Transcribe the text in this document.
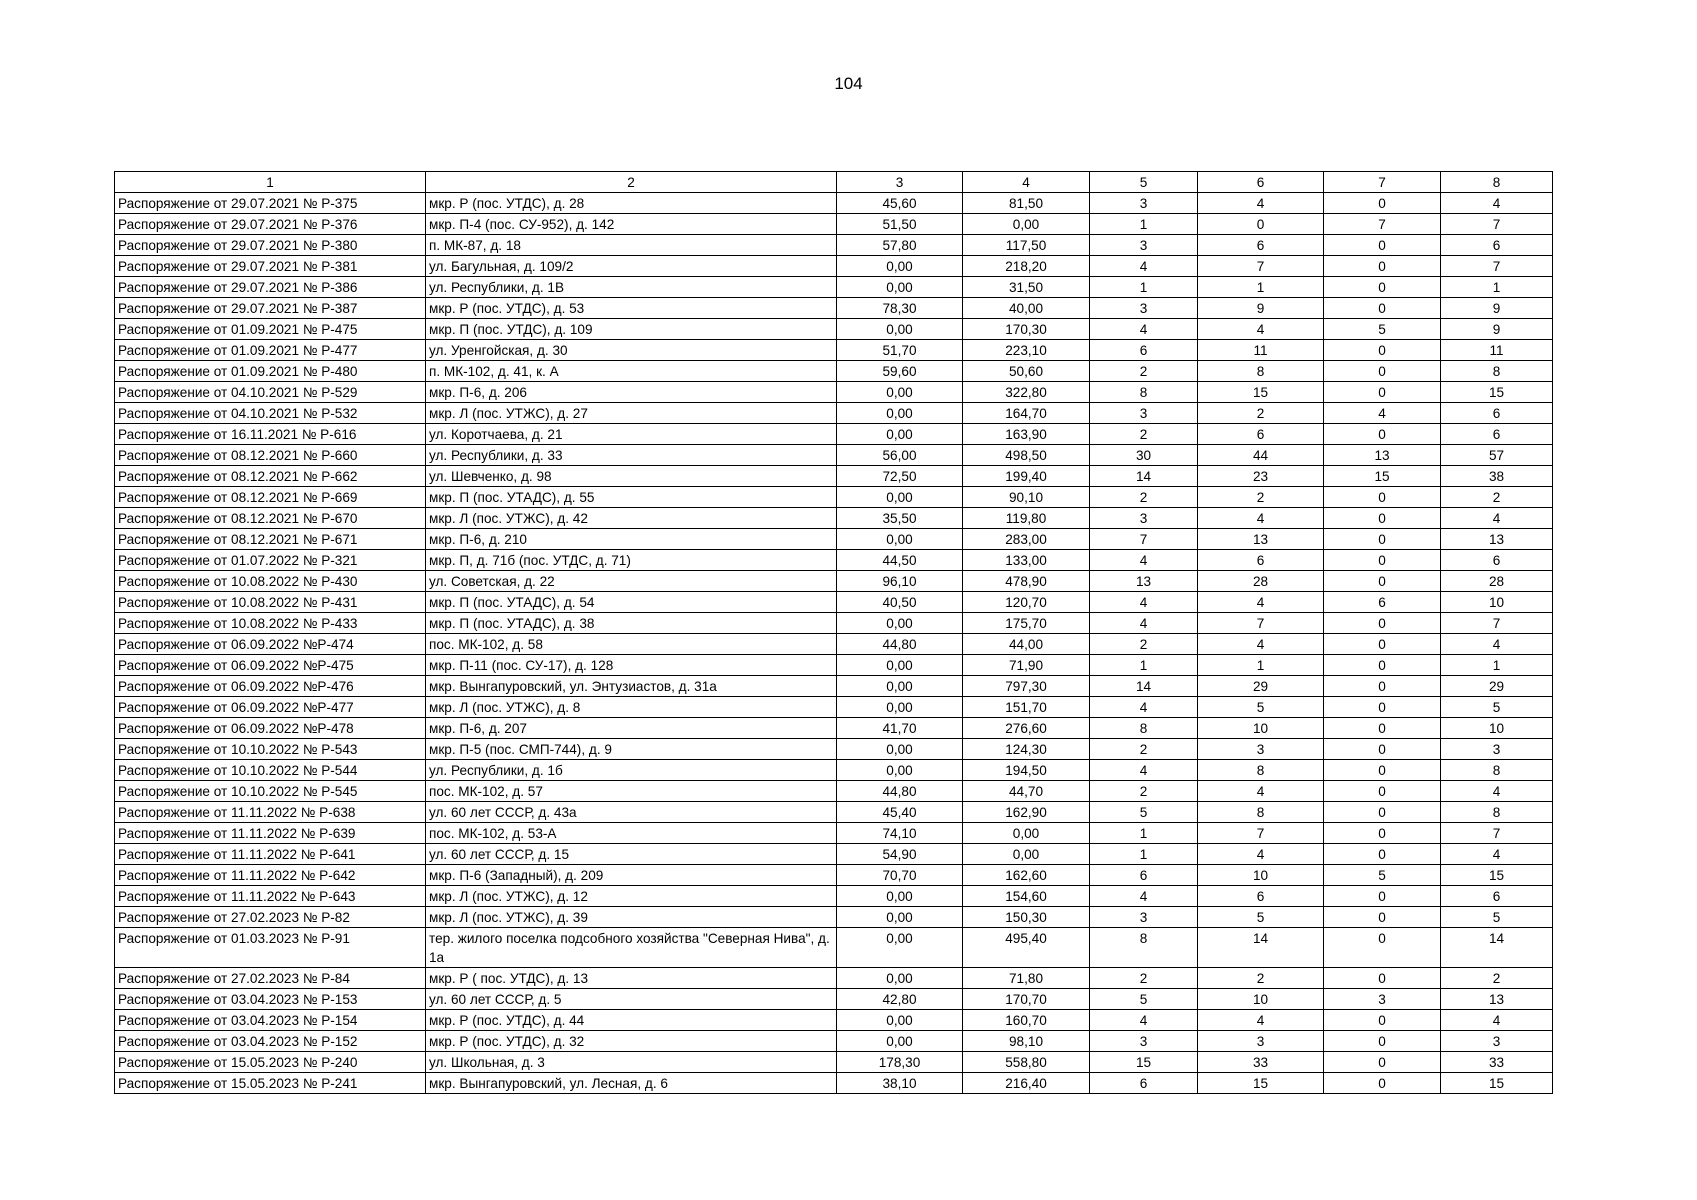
104
1	2	3	4	5	6	7	8
Распоряжение от 29.07.2021 № Р-375	мкр. Р (пос. УТДС), д. 28	45,60	81,50	3	4	0	4
Распоряжение от 29.07.2021 № Р-376	мкр. П-4 (пос. СУ-952), д. 142	51,50	0,00	1	0	7	7
Распоряжение от 29.07.2021 № Р-380	п. МК-87, д. 18	57,80	117,50	3	6	0	6
Распоряжение от 29.07.2021 № Р-381	ул. Багульная, д. 109/2	0,00	218,20	4	7	0	7
Распоряжение от 29.07.2021 № Р-386	ул. Республики, д. 1В	0,00	31,50	1	1	0	1
Распоряжение от 29.07.2021 № Р-387	мкр. Р (пос. УТДС), д. 53	78,30	40,00	3	9	0	9
Распоряжение от 01.09.2021 № Р-475	мкр. П (пос. УТДС), д. 109	0,00	170,30	4	4	5	9
Распоряжение от 01.09.2021 № Р-477	ул. Уренгойская, д. 30	51,70	223,10	6	11	0	11
Распоряжение от 01.09.2021 № Р-480	п. МК-102, д. 41, к. А	59,60	50,60	2	8	0	8
Распоряжение от 04.10.2021 № Р-529	мкр. П-6, д. 206	0,00	322,80	8	15	0	15
Распоряжение от 04.10.2021 № Р-532	мкр. Л (пос. УТЖС), д. 27	0,00	164,70	3	2	4	6
Распоряжение от 16.11.2021 № Р-616	ул. Коротчаева, д. 21	0,00	163,90	2	6	0	6
Распоряжение от 08.12.2021 № Р-660	ул. Республики, д. 33	56,00	498,50	30	44	13	57
Распоряжение от 08.12.2021 № Р-662	ул. Шевченко, д. 98	72,50	199,40	14	23	15	38
Распоряжение от 08.12.2021 № Р-669	мкр. П (пос. УТАДС), д. 55	0,00	90,10	2	2	0	2
Распоряжение от 08.12.2021 № Р-670	мкр. Л (пос. УТЖС), д. 42	35,50	119,80	3	4	0	4
Распоряжение от 08.12.2021 № Р-671	мкр. П-6, д. 210	0,00	283,00	7	13	0	13
Распоряжение от 01.07.2022 № Р-321	мкр. П, д. 71б (пос. УТДС, д. 71)	44,50	133,00	4	6	0	6
Распоряжение от 10.08.2022 № Р-430	ул. Советская, д. 22	96,10	478,90	13	28	0	28
Распоряжение от 10.08.2022 № Р-431	мкр. П (пос. УТАДС), д. 54	40,50	120,70	4	4	6	10
Распоряжение от 10.08.2022 № Р-433	мкр. П (пос. УТАДС), д. 38	0,00	175,70	4	7	0	7
Распоряжение от 06.09.2022 №Р-474	пос. МК-102, д. 58	44,80	44,00	2	4	0	4
Распоряжение от 06.09.2022 №Р-475	мкр. П-11 (пос. СУ-17), д. 128	0,00	71,90	1	1	0	1
Распоряжение от 06.09.2022 №Р-476	мкр. Вынгапуровский, ул. Энтузиастов, д. 31а	0,00	797,30	14	29	0	29
Распоряжение от 06.09.2022 №Р-477	мкр. Л (пос. УТЖС), д. 8	0,00	151,70	4	5	0	5
Распоряжение от 06.09.2022 №Р-478	мкр. П-6, д. 207	41,70	276,60	8	10	0	10
Распоряжение от 10.10.2022 № Р-543	мкр. П-5 (пос. СМП-744), д. 9	0,00	124,30	2	3	0	3
Распоряжение от 10.10.2022 № Р-544	ул. Республики, д. 1б	0,00	194,50	4	8	0	8
Распоряжение от 10.10.2022 № Р-545	пос. МК-102, д. 57	44,80	44,70	2	4	0	4
Распоряжение от 11.11.2022 № Р-638	ул. 60 лет СССР, д. 43а	45,40	162,90	5	8	0	8
Распоряжение от 11.11.2022 № Р-639	пос. МК-102, д. 53-А	74,10	0,00	1	7	0	7
Распоряжение от 11.11.2022 № Р-641	ул. 60 лет СССР, д. 15	54,90	0,00	1	4	0	4
Распоряжение от 11.11.2022 № Р-642	мкр. П-6 (Западный), д. 209	70,70	162,60	6	10	5	15
Распоряжение от 11.11.2022 № Р-643	мкр. Л (пос. УТЖС), д. 12	0,00	154,60	4	6	0	6
Распоряжение от 27.02.2023 № Р-82	мкр. Л (пос. УТЖС), д. 39	0,00	150,30	3	5	0	5
Распоряжение от 01.03.2023 № Р-91	тер. жилого поселка подсобного хозяйства "Северная Нива", д. 1а	0,00	495,40	8	14	0	14
Распоряжение от 27.02.2023 № Р-84	мкр. Р ( пос. УТДС), д. 13	0,00	71,80	2	2	0	2
Распоряжение от 03.04.2023 № Р-153	ул. 60 лет СССР, д. 5	42,80	170,70	5	10	3	13
Распоряжение от 03.04.2023 № Р-154	мкр. Р (пос. УТДС), д. 44	0,00	160,70	4	4	0	4
Распоряжение от 03.04.2023 № Р-152	мкр. Р (пос. УТДС), д. 32	0,00	98,10	3	3	0	3
Распоряжение от 15.05.2023 № Р-240	ул. Школьная, д. 3	178,30	558,80	15	33	0	33
Распоряжение от 15.05.2023 № Р-241	мкр. Вынгапуровский, ул. Лесная, д. 6	38,10	216,40	6	15	0	15
